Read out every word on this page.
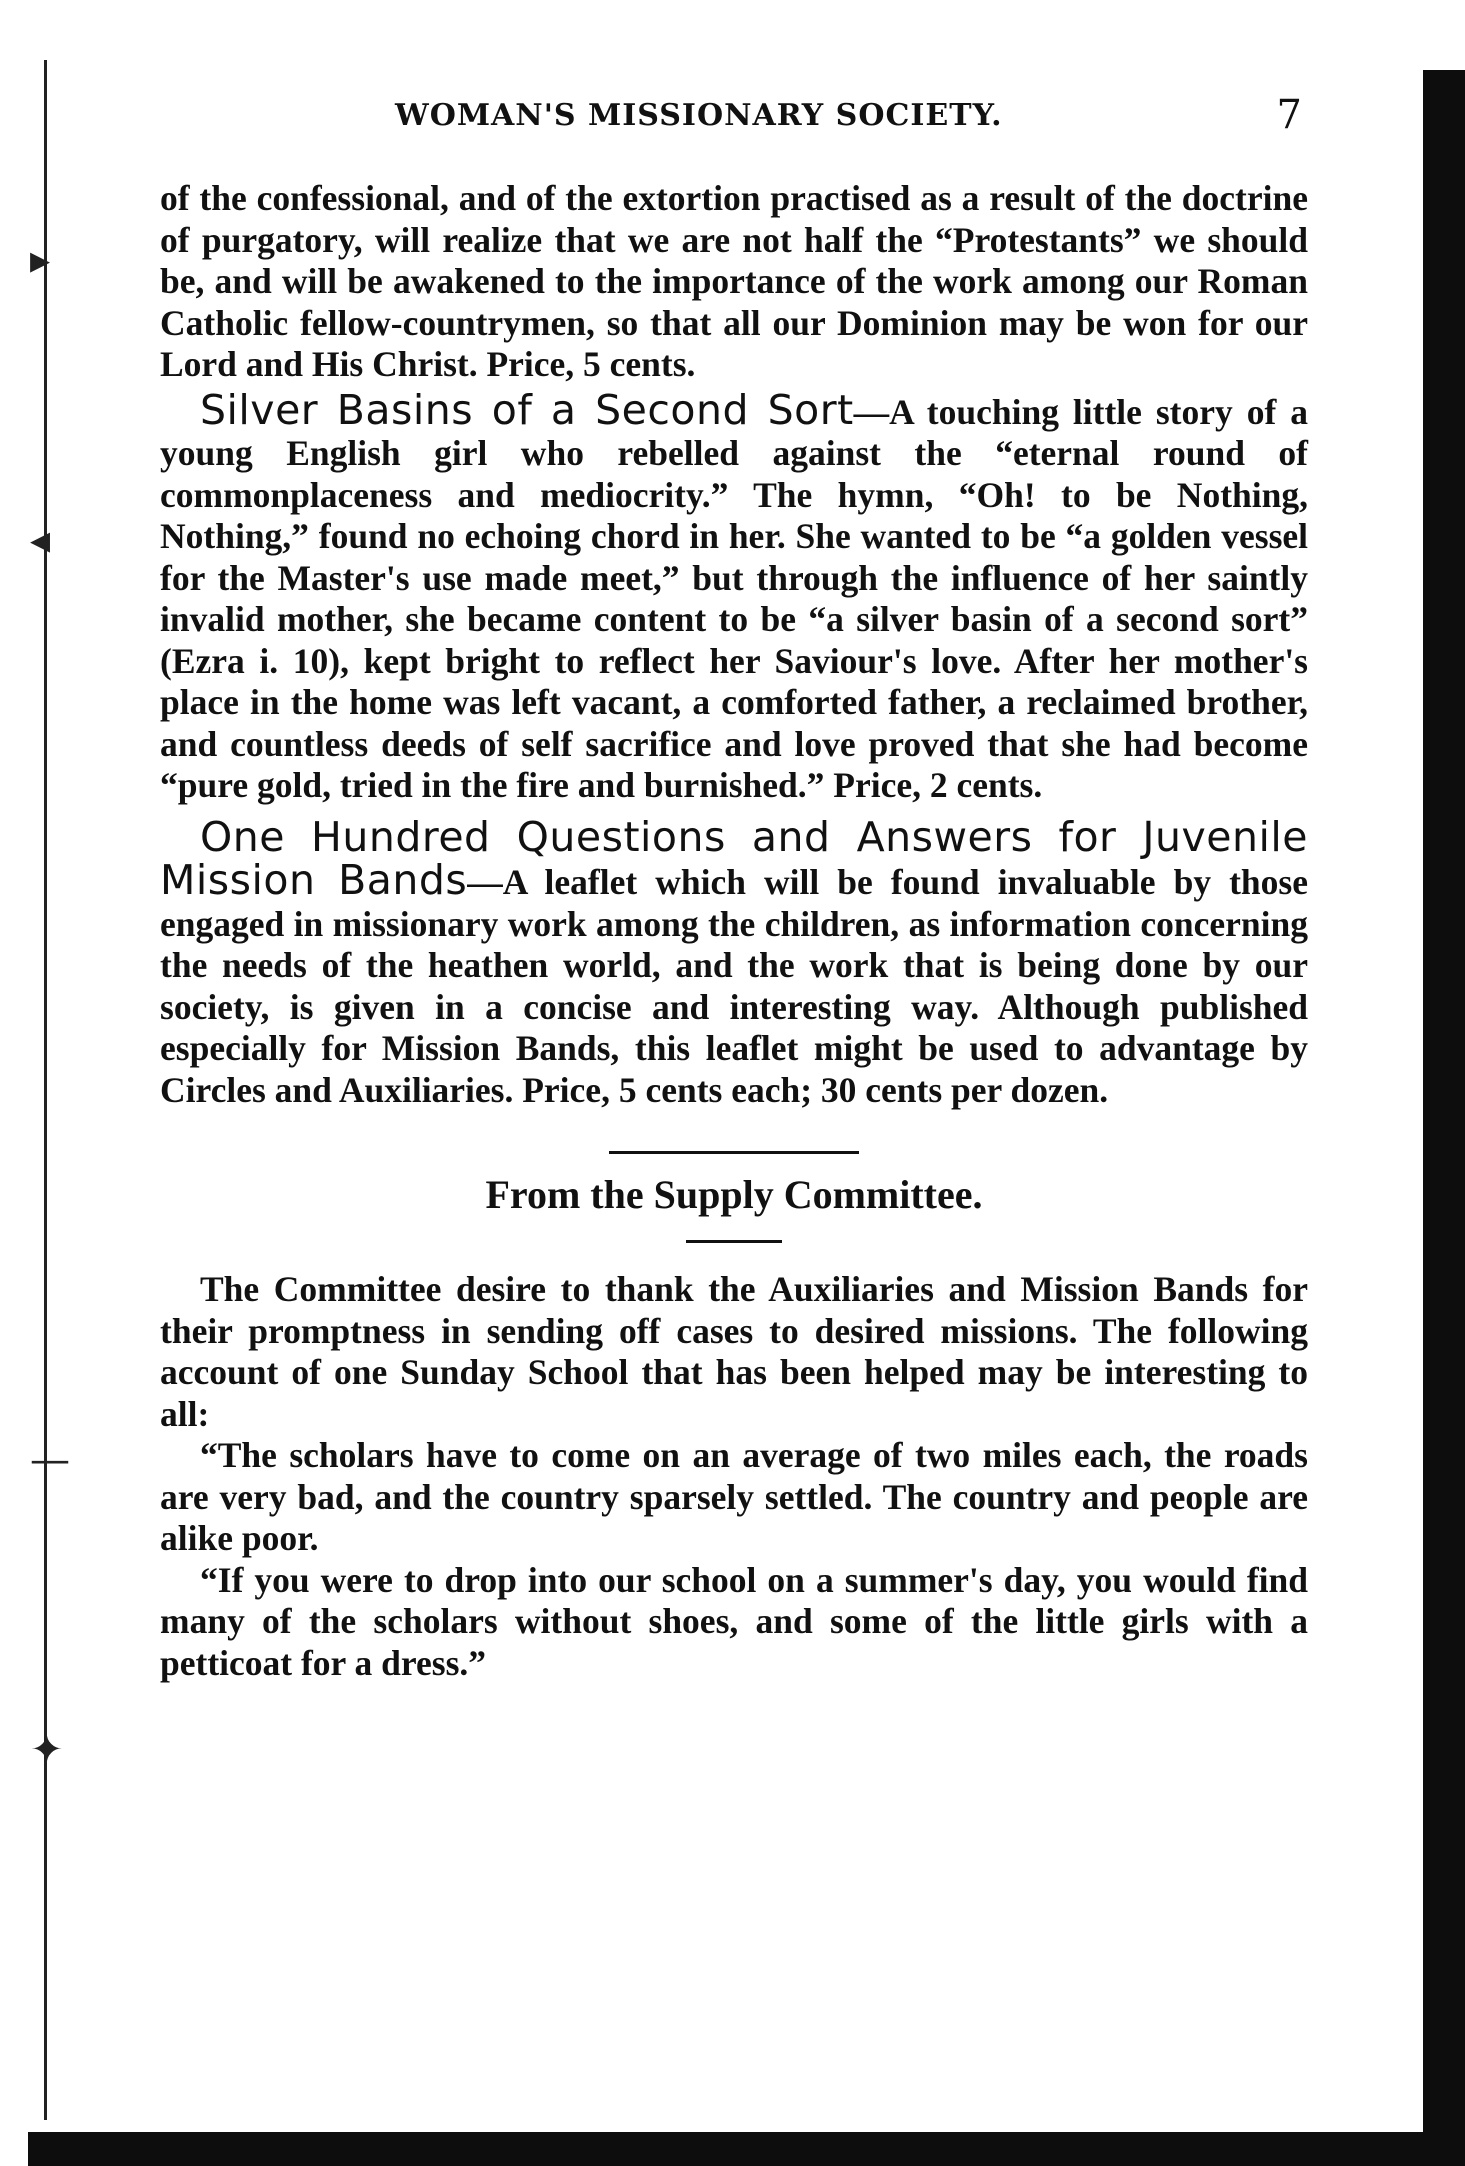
▸
◂
—
✦
WOMAN'S MISSIONARY SOCIETY.	7

of the confessional, and of the extortion practised as a result of the doctrine of purgatory, will realize that we are not half the “Protestants” we should be, and will be awakened to the importance of the work among our Roman Catholic fellow-countrymen, so that all our Dominion may be won for our Lord and His Christ. Price, 5 cents.

Silver Basins of a Second Sort—A touching little story of a young English girl who rebelled against the “eternal round of commonplaceness and mediocrity.” The hymn, “Oh! to be Nothing, Nothing,” found no echoing chord in her. She wanted to be “a golden vessel for the Master's use made meet,” but through the influence of her saintly invalid mother, she became content to be “a silver basin of a second sort” (Ezra i. 10), kept bright to reflect her Saviour's love. After her mother's place in the home was left vacant, a comforted father, a reclaimed brother, and countless deeds of self sacrifice and love proved that she had become “pure gold, tried in the fire and burnished.” Price, 2 cents.

One Hundred Questions and Answers for Juvenile Mission Bands—A leaflet which will be found invaluable by those engaged in missionary work among the children, as information concerning the needs of the heathen world, and the work that is being done by our society, is given in a concise and interesting way. Although published especially for Mission Bands, this leaflet might be used to advantage by Circles and Auxiliaries. Price, 5 cents each; 30 cents per dozen.

From the Supply Committee.

The Committee desire to thank the Auxiliaries and Mission Bands for their promptness in sending off cases to desired missions. The following account of one Sunday School that has been helped may be interesting to all:

“The scholars have to come on an average of two miles each, the roads are very bad, and the country sparsely settled. The country and people are alike poor.

“If you were to drop into our school on a summer's day, you would find many of the scholars without shoes, and some of the little girls with a petticoat for a dress.”
